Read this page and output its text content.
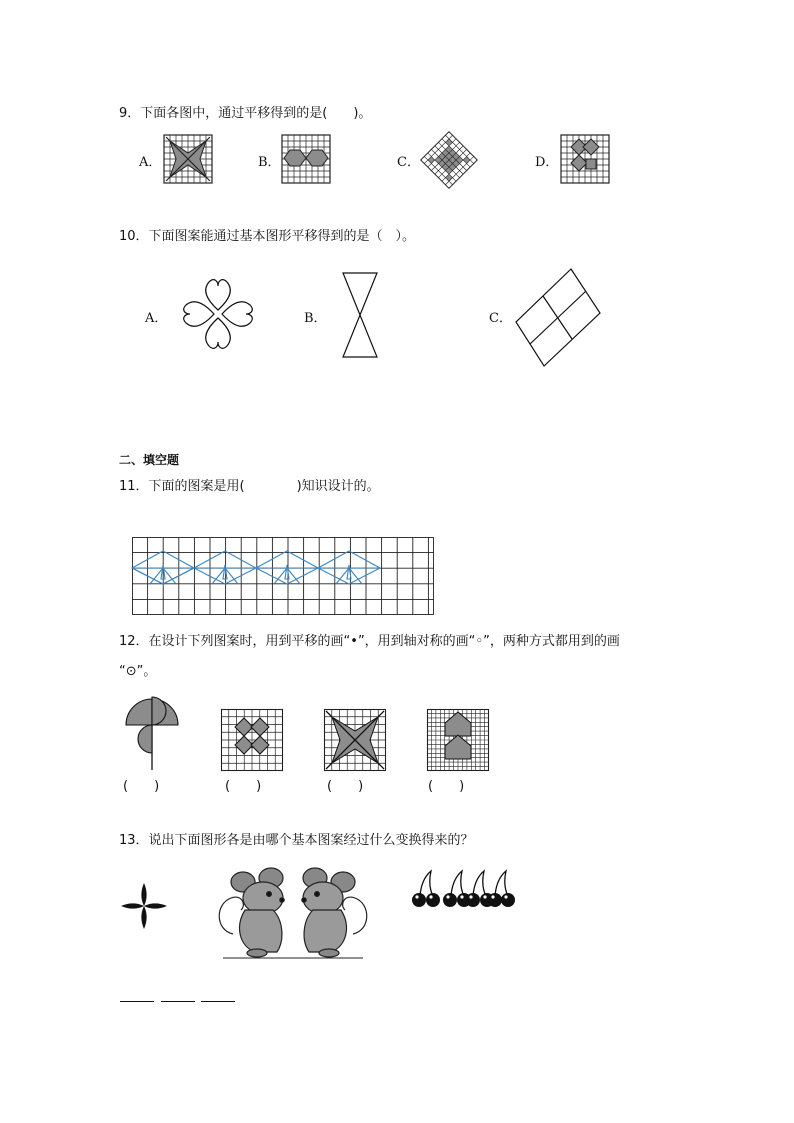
9．下面各图中，通过平移得到的是(　　)。
A．	B．	C．	D．
10．下面图案能通过基本图形平移得到的是（　）。
A．	B．	C．
二、填空题
11．下面的图案是用(　　　　)知识设计的。
12．在设计下列图案时，用到平移的画“•”，用到轴对称的画“◦”，两种方式都用到的画
“⊙”。
(　　)	(　　)	(　　)	(　　)
13．说出下面图形各是由哪个基本图案经过什么变换得来的？
